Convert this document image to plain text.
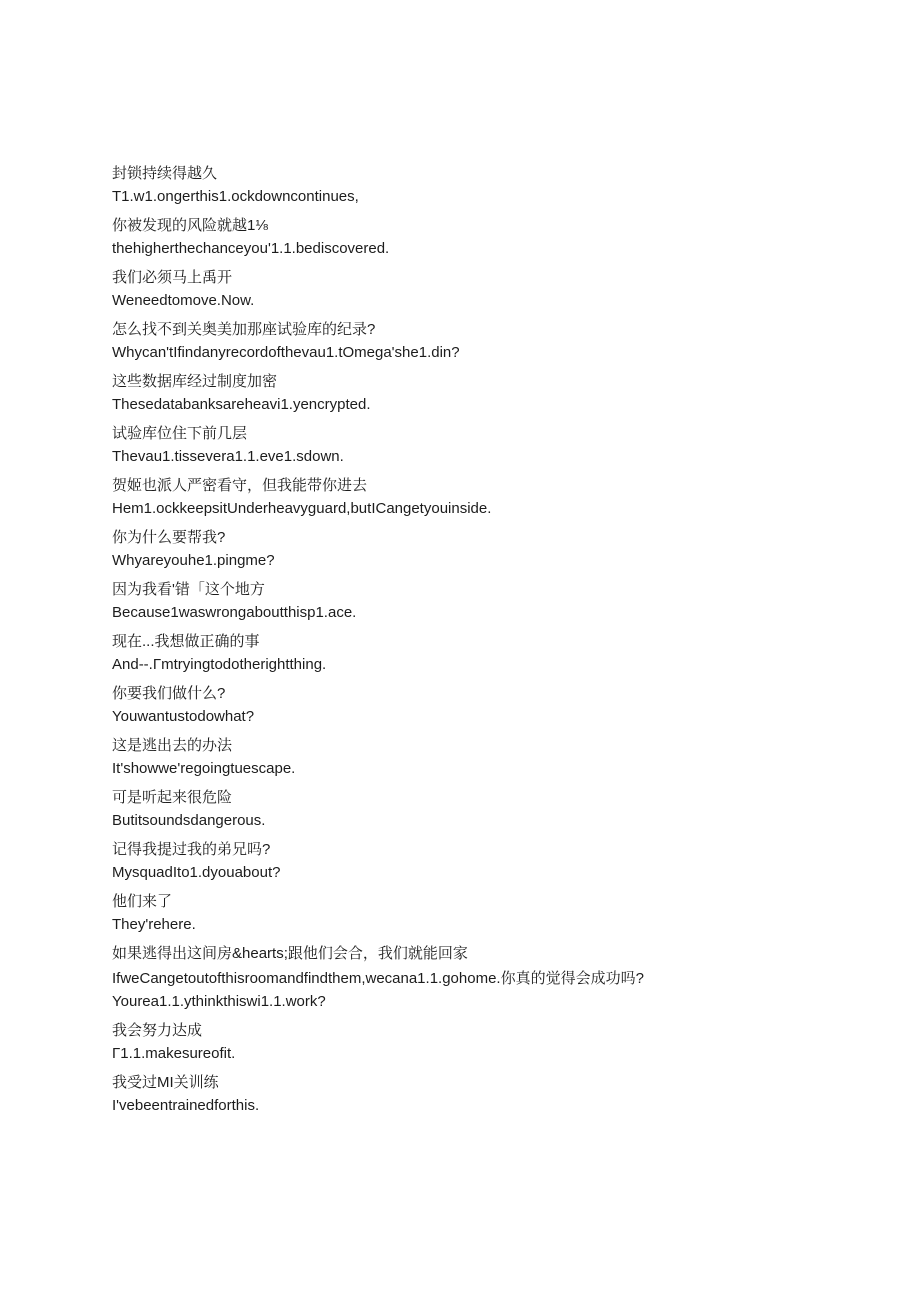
封锁持续得越久
T1.w1.ongerthis1.ockdowncontinues,
你被发现的风险就越1⅛
thehigherthechanceyou'1.1.bediscovered.
我们必须马上禹开
Weneedtomove.Now.
怎么找不到关奥美加那座试验库的纪录?
Whycan'tIfindanyrecordofthevau1.tOmega'she1.din?
这些数据库经过制度加密
Thesedatabanksareheavi1.yencrypted.
试验库位住下前几层
Thevau1.tissevera1.1.eve1.sdown.
贺姬也派人严密看守，但我能带你进去
Hem1.ockkeepsitUnderheavyguard,butICangetyouinside.
你为什么要帮我?
Whyareyouhe1.pingme?
因为我看'错「这个地方
Because1waswrongaboutthisp1.ace.
现在...我想做正确的事
And--.Γmtryingtodotherightthing.
你要我们做什么?
Youwantustodowhat?
这是逃出去的办法
It'showwe'regoingtuescape.
可是听起来很危险
Butitsoundsdangerous.
记得我提过我的弟兄吗?
MysquadIto1.dyouabout?
他们来了
They'rehere.
如果逃得出这间房&hearts;跟他们会合，我们就能回家
IfweCangetoutofthisroomandfindthem,wecana1.1.gohome.你真的觉得会成功吗?
Yourea1.1.ythinkthiswi1.1.work?
我会努力达成
Γ1.1.makesureofit.
我受过MI关训练
I'vebeentrainedforthis.
